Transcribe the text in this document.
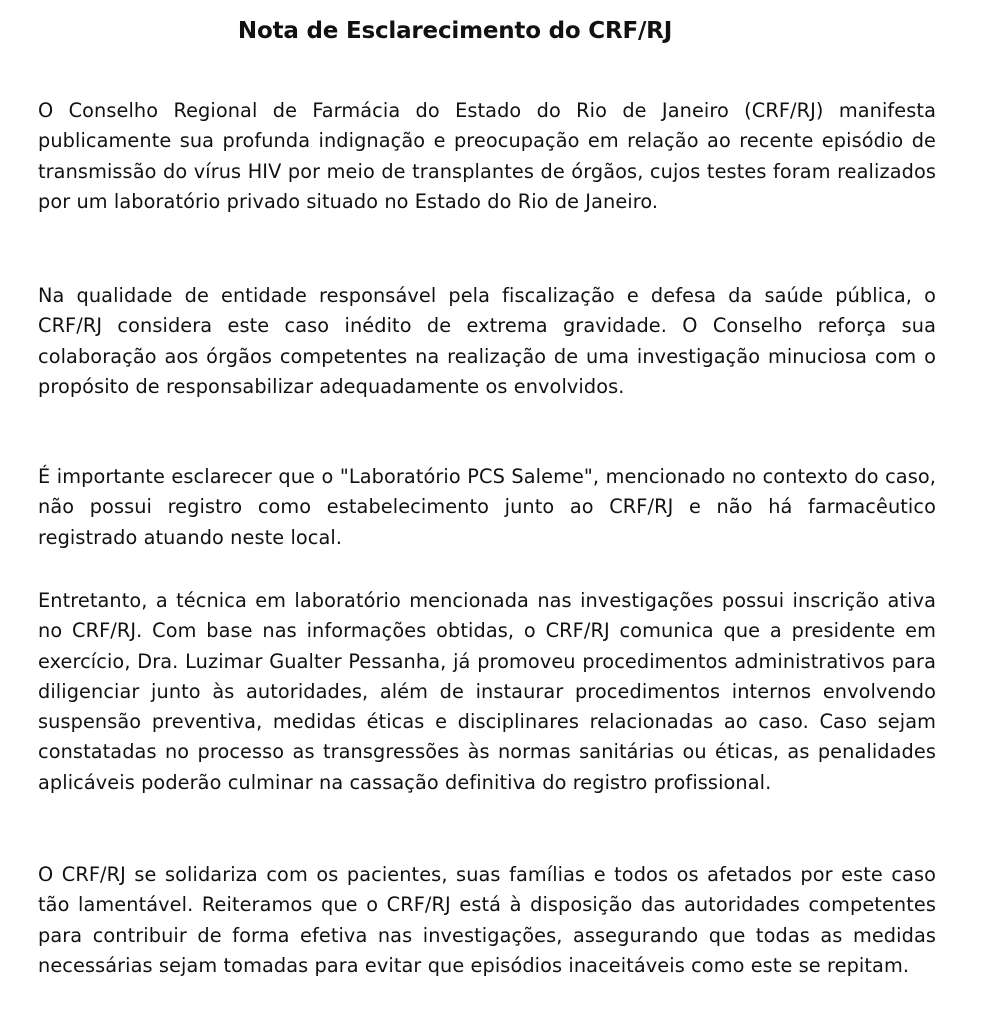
Nota de Esclarecimento do CRF/RJ

O Conselho Regional de Farmácia do Estado do Rio de Janeiro (CRF/RJ) manifesta publicamente sua profunda indignação e preocupação em relação ao recente episódio de transmissão do vírus HIV por meio de transplantes de órgãos, cujos testes foram realizados por um laboratório privado situado no Estado do Rio de Janeiro.

Na qualidade de entidade responsável pela fiscalização e defesa da saúde pública, o CRF/RJ considera este caso inédito de extrema gravidade. O Conselho reforça sua colaboração aos órgãos competentes na realização de uma investigação minuciosa com o propósito de responsabilizar adequadamente os envolvidos.

É importante esclarecer que o "Laboratório PCS Saleme", mencionado no contexto do caso, não possui registro como estabelecimento junto ao CRF/RJ e não há farmacêutico registrado atuando neste local.

Entretanto, a técnica em laboratório mencionada nas investigações possui inscrição ativa no CRF/RJ. Com base nas informações obtidas, o CRF/RJ comunica que a presidente em exercício, Dra. Luzimar Gualter Pessanha, já promoveu procedimentos administrativos para diligenciar junto às autoridades, além de instaurar procedimentos internos envolvendo suspensão preventiva, medidas éticas e disciplinares relacionadas ao caso. Caso sejam constatadas no processo as transgressões às normas sanitárias ou éticas, as penalidades aplicáveis poderão culminar na cassação definitiva do registro profissional.

O CRF/RJ se solidariza com os pacientes, suas famílias e todos os afetados por este caso tão lamentável. Reiteramos que o CRF/RJ está à disposição das autoridades competentes para contribuir de forma efetiva nas investigações, assegurando que todas as medidas necessárias sejam tomadas para evitar que episódios inaceitáveis como este se repitam.
